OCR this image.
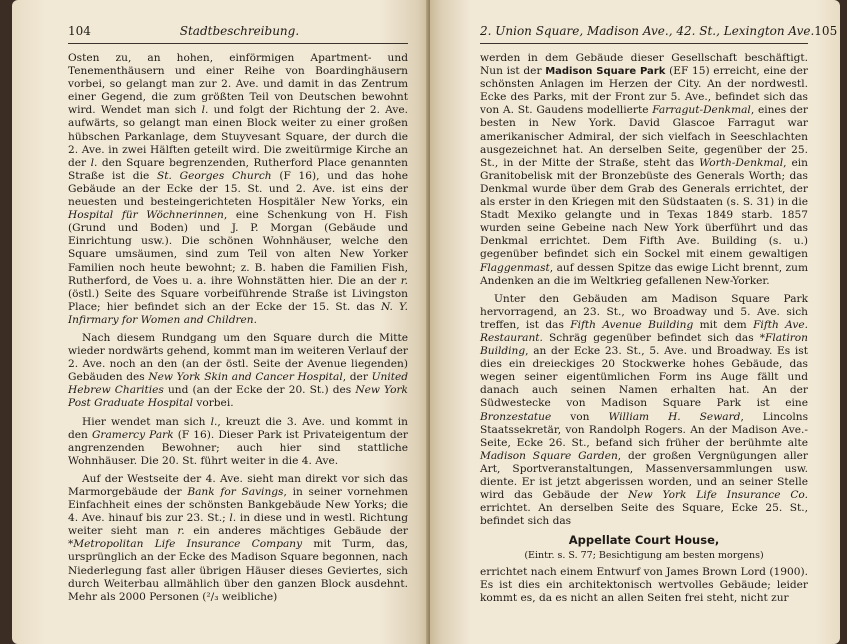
104	Stadtbeschreibung.

Osten zu, an hohen, einförmigen Apartment- und Tenementhäusern und einer Reihe von Boardinghäusern vorbei, so gelangt man zur 2. Ave. und damit in das Zentrum einer Gegend, die zum größten Teil von Deutschen bewohnt wird. Wendet man sich l. und folgt der Richtung der 2. Ave. aufwärts, so gelangt man einen Block weiter zu einer großen hübschen Parkanlage, dem Stuyvesant Square, der durch die 2. Ave. in zwei Hälften geteilt wird. Die zweitürmige Kirche an der l. den Square begrenzenden, Rutherford Place genannten Straße ist die St. Georges Church (F 16), und das hohe Gebäude an der Ecke der 15. St. und 2. Ave. ist eins der neuesten und besteingerichteten Hospitäler New Yorks, ein Hospital für Wöchnerinnen, eine Schenkung von H. Fish (Grund und Boden) und J. P. Morgan (Gebäude und Einrichtung usw.). Die schönen Wohnhäuser, welche den Square umsäumen, sind zum Teil von alten New Yorker Familien noch heute bewohnt; z. B. haben die Familien Fish, Rutherford, de Voes u. a. ihre Wohnstätten hier. Die an der r. (östl.) Seite des Square vorbeiführende Straße ist Livingston Place; hier befindet sich an der Ecke der 15. St. das N. Y. Infirmary for Women and Children.

Nach diesem Rundgang um den Square durch die Mitte wieder nordwärts gehend, kommt man im weiteren Verlauf der 2. Ave. noch an den (an der östl. Seite der Avenue liegenden) Gebäuden des New York Skin and Cancer Hospital, der United Hebrew Charities und (an der Ecke der 20. St.) des New York Post Graduate Hospital vorbei.

Hier wendet man sich l., kreuzt die 3. Ave. und kommt in den Gramercy Park (F 16). Dieser Park ist Privateigentum der angrenzenden Bewohner; auch hier sind stattliche Wohnhäuser. Die 20. St. führt weiter in die 4. Ave.

Auf der Westseite der 4. Ave. sieht man direkt vor sich das Marmorgebäude der Bank for Savings, in seiner vornehmen Einfachheit eines der schönsten Bankgebäude New Yorks; die 4. Ave. hinauf bis zur 23. St.; l. in diese und in westl. Richtung weiter sieht man r. ein anderes mächtiges Gebäude der *Metropolitan Life Insurance Company mit Turm, das, ursprünglich an der Ecke des Madison Square begonnen, nach Niederlegung fast aller übrigen Häuser dieses Geviertes, sich durch Weiterbau allmählich über den ganzen Block ausdehnt. Mehr als 2000 Personen (²/₃ weibliche)

2. Union Square, Madison Ave., 42. St., Lexington Ave. 105

werden in dem Gebäude dieser Gesellschaft beschäftigt. Nun ist der Madison Square Park (EF 15) erreicht, eine der schönsten Anlagen im Herzen der City. An der nordwestl. Ecke des Parks, mit der Front zur 5. Ave., befindet sich das von A. St. Gaudens modellierte Farragut-Denkmal, eines der besten in New York. David Glascoe Farragut war amerikanischer Admiral, der sich vielfach in Seeschlachten ausgezeichnet hat. An derselben Seite, gegenüber der 25. St., in der Mitte der Straße, steht das Worth-Denkmal, ein Granitobelisk mit der Bronzebüste des Generals Worth; das Denkmal wurde über dem Grab des Generals errichtet, der als erster in den Kriegen mit den Südstaaten (s. S. 31) in die Stadt Mexiko gelangte und in Texas 1849 starb. 1857 wurden seine Gebeine nach New York überführt und das Denkmal errichtet. Dem Fifth Ave. Building (s. u.) gegenüber befindet sich ein Sockel mit einem gewaltigen Flaggenmast, auf dessen Spitze das ewige Licht brennt, zum Andenken an die im Weltkrieg gefallenen New-Yorker.

Unter den Gebäuden am Madison Square Park hervorragend, an 23. St., wo Broadway und 5. Ave. sich treffen, ist das Fifth Avenue Building mit dem Fifth Ave. Restaurant. Schräg gegenüber befindet sich das *Flatiron Building, an der Ecke 23. St., 5. Ave. und Broadway. Es ist dies ein dreieckiges 20 Stockwerke hohes Gebäude, das wegen seiner eigentümlichen Form ins Auge fällt und danach auch seinen Namen erhalten hat. An der Südwestecke von Madison Square Park ist eine Bronzestatue von William H. Seward, Lincolns Staatssekretär, von Randolph Rogers. An der Madison Ave.-Seite, Ecke 26. St., befand sich früher der berühmte alte Madison Square Garden, der großen Vergnügungen aller Art, Sportveranstaltungen, Massenversammlungen usw. diente. Er ist jetzt abgerissen worden, und an seiner Stelle wird das Gebäude der New York Life Insurance Co. errichtet. An derselben Seite des Square, Ecke 25. St., befindet sich das

Appellate Court House,
(Eintr. s. S. 77; Besichtigung am besten morgens)

errichtet nach einem Entwurf von James Brown Lord (1900). Es ist dies ein architektonisch wertvolles Gebäude; leider kommt es, da es nicht an allen Seiten frei steht, nicht zur
